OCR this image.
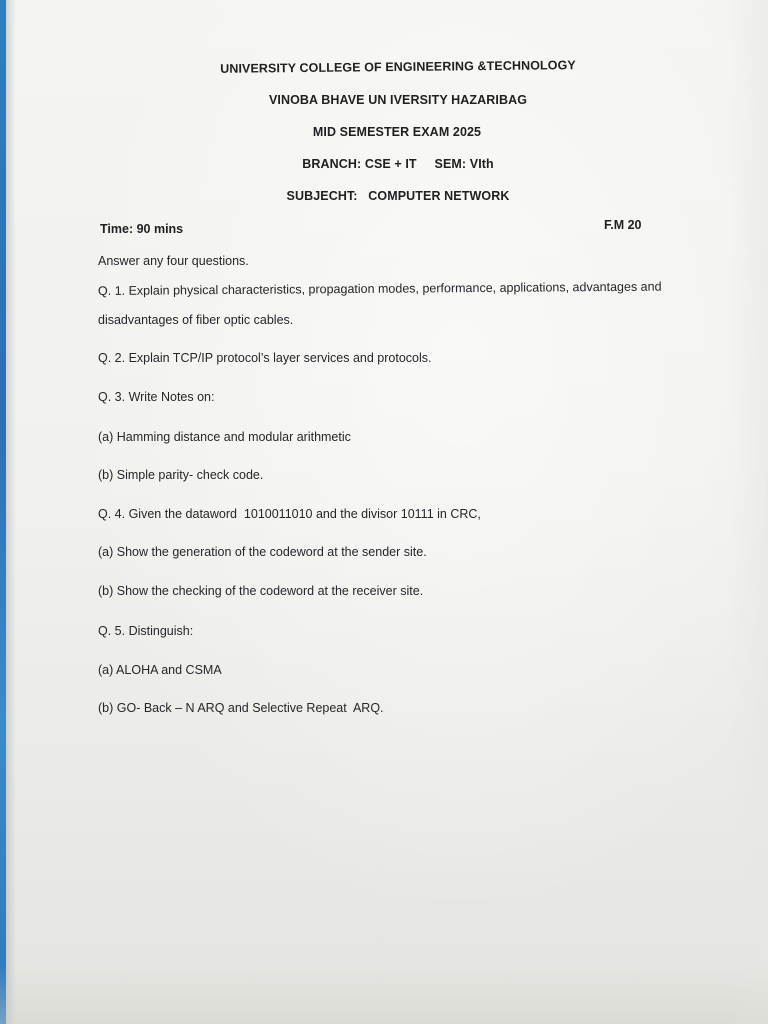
UNIVERSITY COLLEGE OF ENGINEERING &TECHNOLOGY
VINOBA BHAVE UN IVERSITY HAZARIBAG
MID SEMESTER EXAM 2025
BRANCH: CSE + IT     SEM: VIth
SUBJECHT:   COMPUTER NETWORK
Time: 90 mins	F.M 20
Answer any four questions.
Q. 1. Explain physical characteristics, propagation modes, performance, applications, advantages and
disadvantages of fiber optic cables.
Q. 2. Explain TCP/IP protocol’s layer services and protocols.
Q. 3. Write Notes on:
(a) Hamming distance and modular arithmetic
(b) Simple parity- check code.
Q. 4. Given the dataword  1010011010 and the divisor 10111 in CRC,
(a) Show the generation of the codeword at the sender site.
(b) Show the checking of the codeword at the receiver site.
Q. 5. Distinguish:
(a) ALOHA and CSMA
(b) GO- Back – N ARQ and Selective Repeat  ARQ.
